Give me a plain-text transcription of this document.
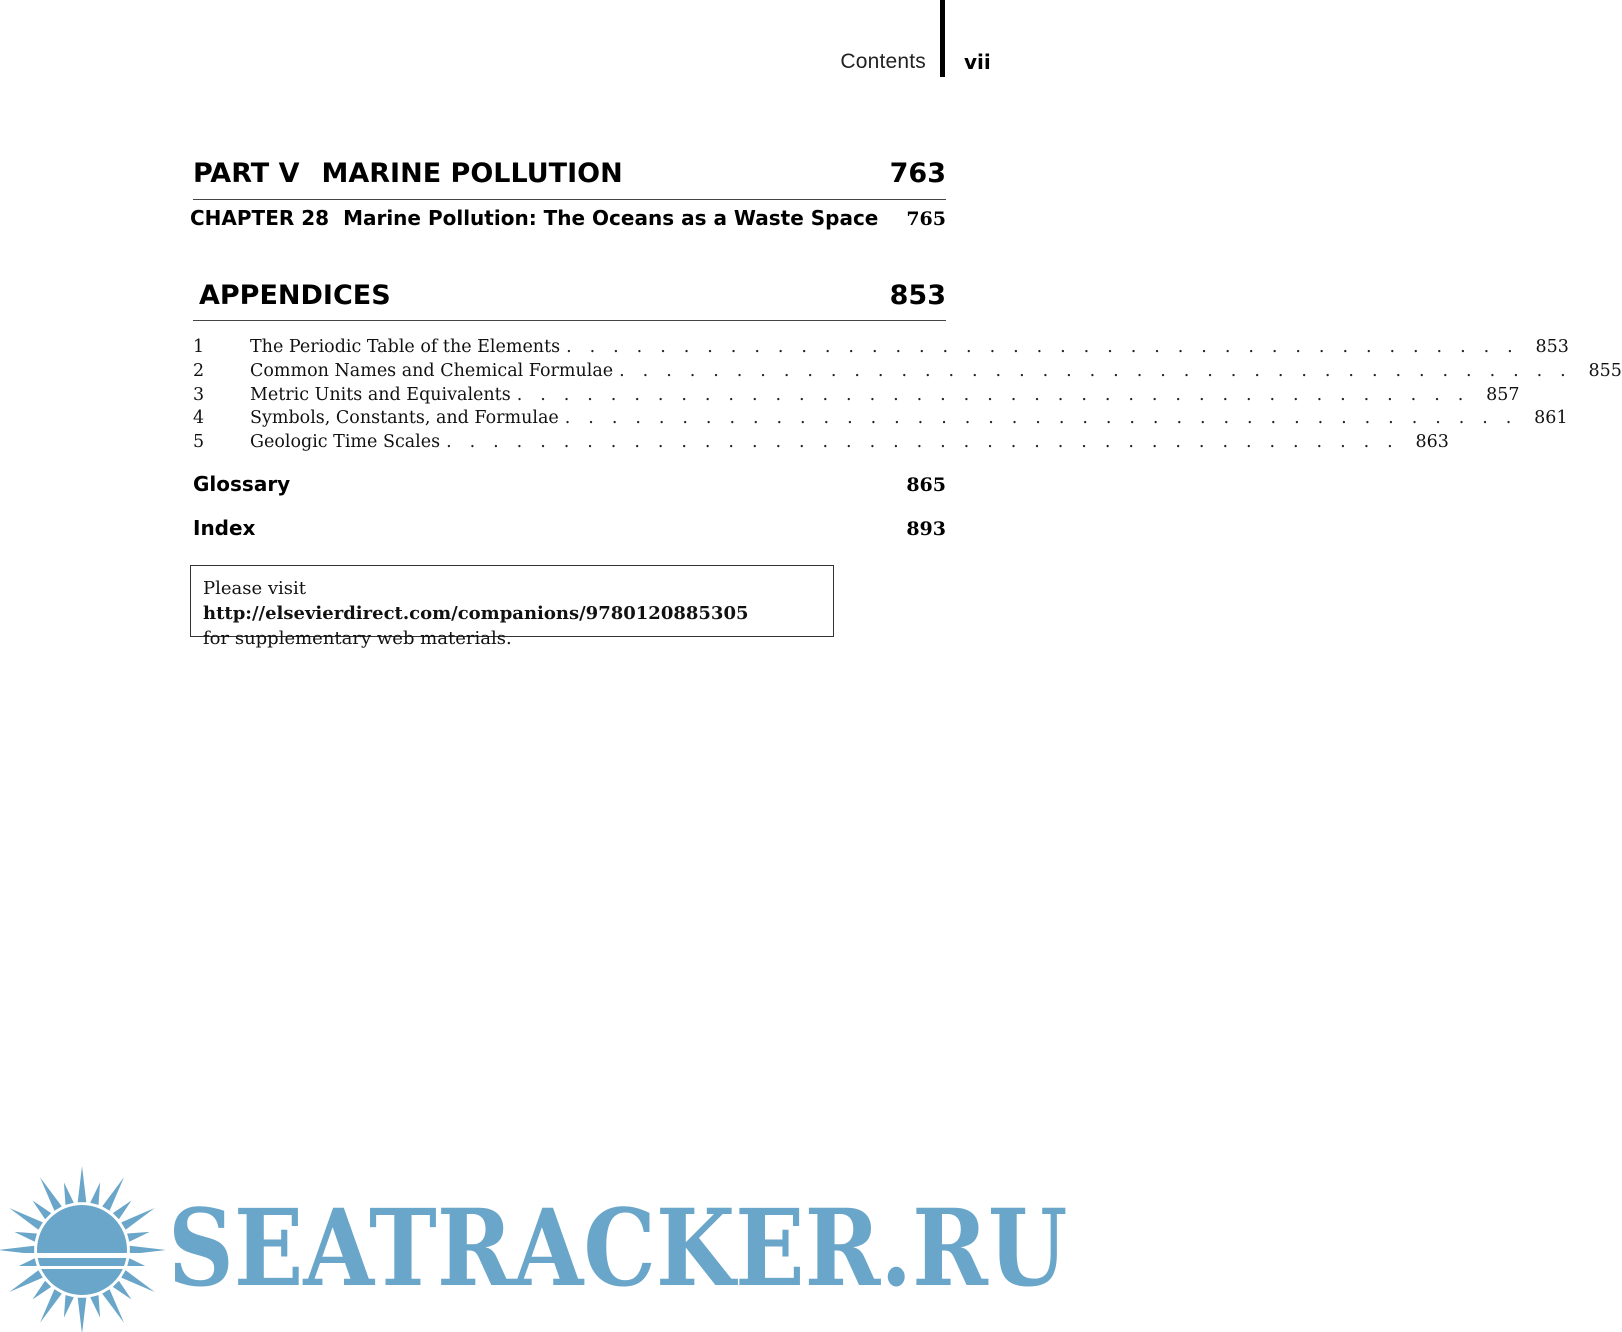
Contents vii
PART V MARINE POLLUTION	763
CHAPTER 28 Marine Pollution: The Oceans as a Waste Space	765
APPENDICES	853
1	The Periodic Table of the Elements . . . . . . . . . . . . . . . . . . . . . . . . . . . . . . . . . . . . . . . . . 853
2	Common Names and Chemical Formulae . . . . . . . . . . . . . . . . . . . . . . . . . . . . . . . . . . . . . . . . . 855
3	Metric Units and Equivalents . . . . . . . . . . . . . . . . . . . . . . . . . . . . . . . . . . . . . . . . . 857
4	Symbols, Constants, and Formulae . . . . . . . . . . . . . . . . . . . . . . . . . . . . . . . . . . . . . . . . . 861
5	Geologic Time Scales . . . . . . . . . . . . . . . . . . . . . . . . . . . . . . . . . . . . . . . . . 863
Glossary	865
Index	893
Please visit http://elsevierdirect.com/companions/9780120885305
for supplementary web materials.
SEATRACKER.RU
